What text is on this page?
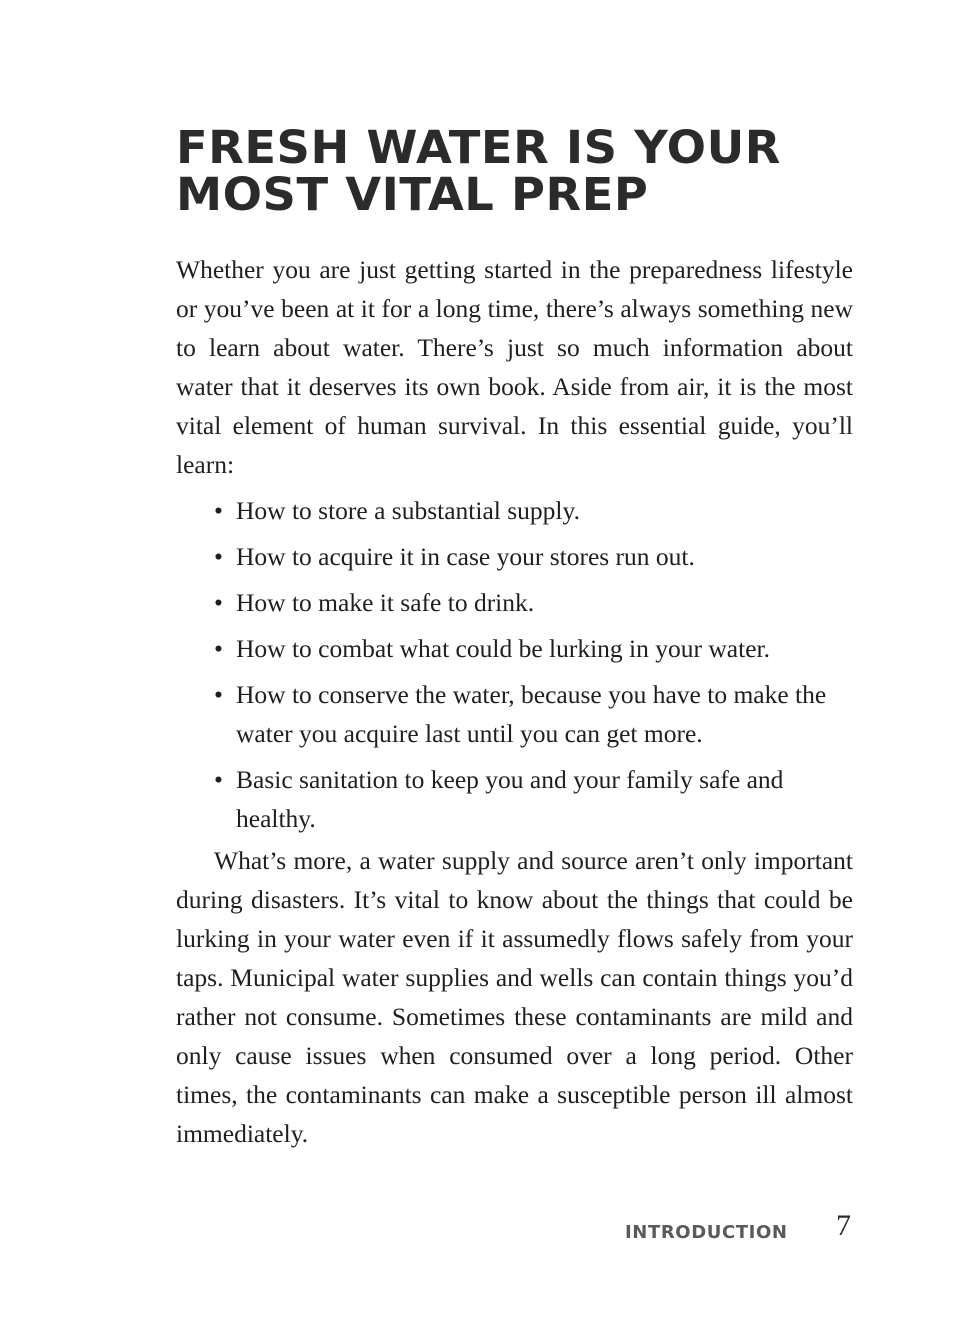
FRESH WATER IS YOUR
MOST VITAL PREP

Whether you are just getting started in the preparedness lifestyle or you’ve been at it for a long time, there’s always something new to learn about water. There’s just so much information about water that it deserves its own book. Aside from air, it is the most vital element of human survival. In this essential guide, you’ll learn:

• How to store a substantial supply.
• How to acquire it in case your stores run out.
• How to make it safe to drink.
• How to combat what could be lurking in your water.
• How to conserve the water, because you have to make the water you acquire last until you can get more.
• Basic sanitation to keep you and your family safe and healthy.

What’s more, a water supply and source aren’t only important during disasters. It’s vital to know about the things that could be lurking in your water even if it assumedly flows safely from your taps. Municipal water supplies and wells can contain things you’d rather not consume. Sometimes these contaminants are mild and only cause issues when consumed over a long period. Other times, the contaminants can make a susceptible person ill almost immediately.

INTRODUCTION 7
